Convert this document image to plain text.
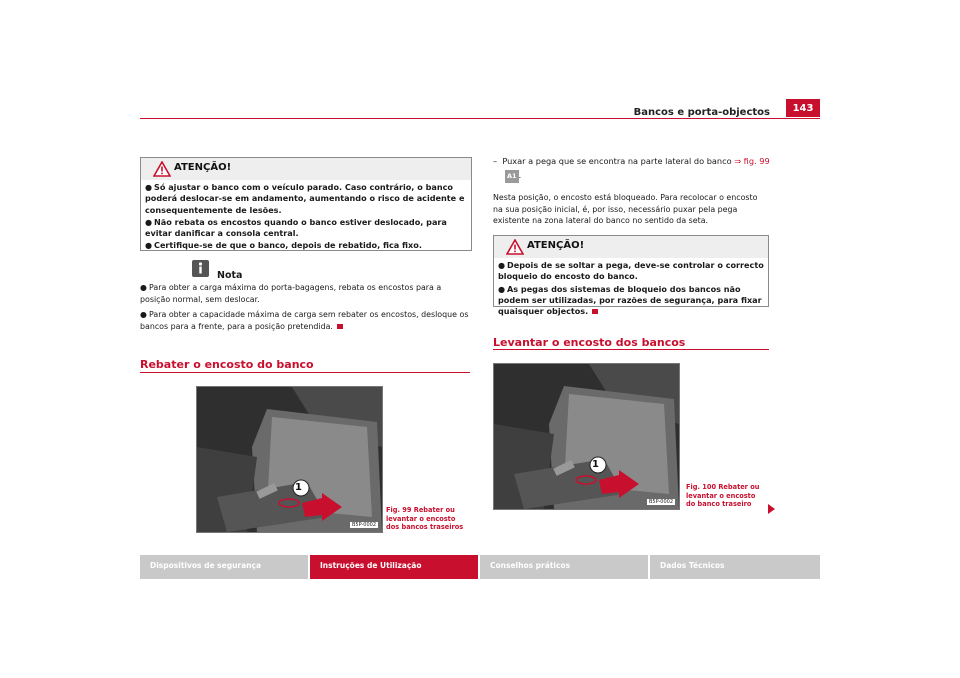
Bancos e porta-objectos	143
ATENÇÃO!
● Só ajustar o banco com o veículo parado. Caso contrário, o banco poderá deslocar-se em andamento, aumentando o risco de acidente e consequentemente de lesões.
● Não rebata os encostos quando o banco estiver deslocado, para evitar danificar a consola central.
● Certifique-se de que o banco, depois de rebatido, fica fixo.
Nota

● Para obter a carga máxima do porta-bagagens, rebata os encostos para a posição normal, sem deslocar.

● Para obter a capacidade máxima de carga sem rebater os encostos, desloque os bancos para a frente, para a posição pretendida.

Rebater o encosto do banco
1
B5P-0002
Fig. 99 Rebater ou levantar o encosto dos bancos traseiros
– Puxar a pega que se encontra na parte lateral do banco ⇒ fig. 99
A1 .
Nesta posição, o encosto está bloqueado. Para recolocar o encosto na sua posição inicial, é, por isso, necessário puxar pela pega existente na zona lateral do banco no sentido da seta.
ATENÇÃO!
● Depois de se soltar a pega, deve-se controlar o correcto bloqueio do encosto do banco.
● As pegas dos sistemas de bloqueio dos bancos não podem ser utilizadas, por razões de segurança, para fixar quaisquer objectos.
Levantar o encosto dos bancos
1
B5P-0002
Fig. 100 Rebater ou levantar o encosto do banco traseiro
Dispositivos de segurança	Instruções de Utilização	Conselhos práticos	Dados Técnicos
